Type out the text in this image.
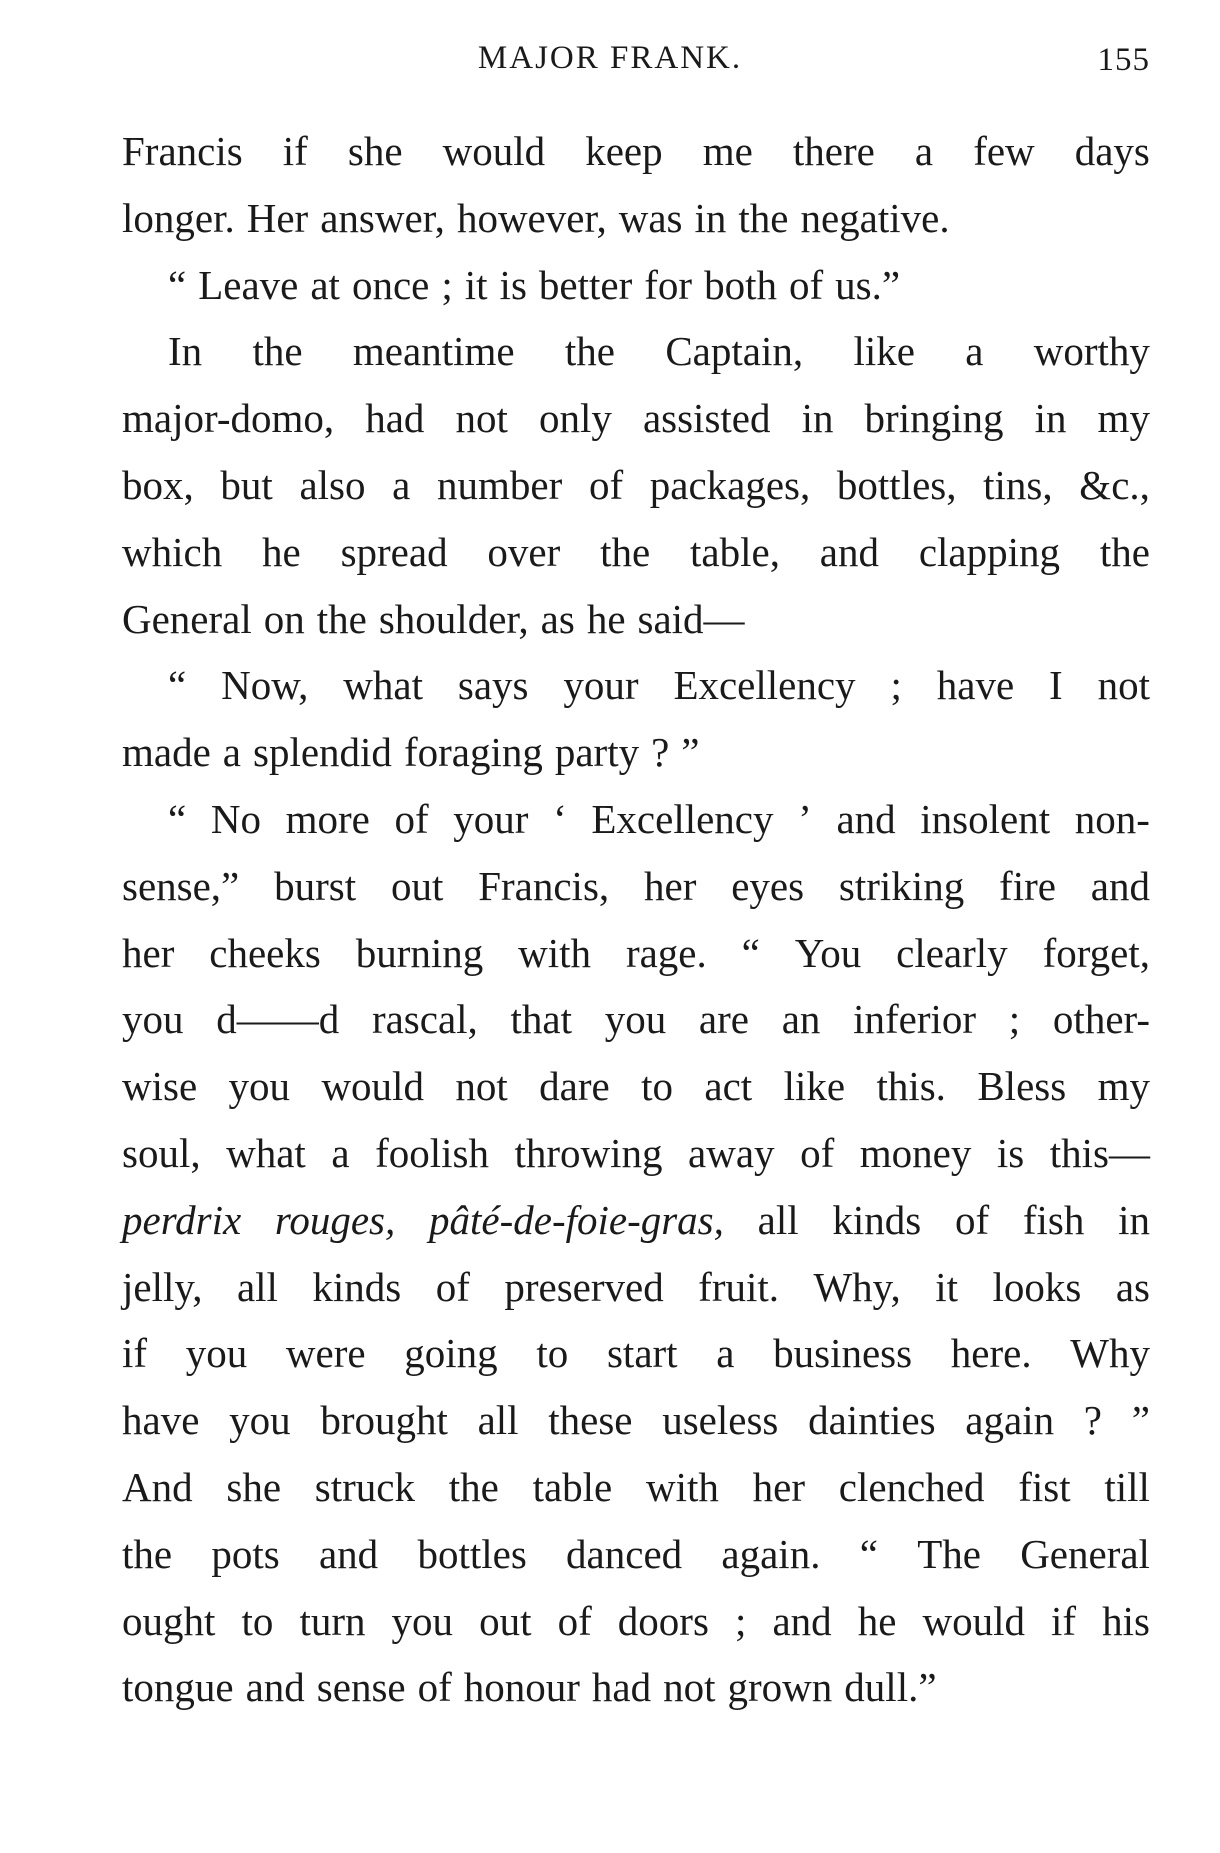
MAJOR FRANK.	155
Francis if she would keep me there a few days
longer. Her answer, however, was in the negative.
“ Leave at once ; it is better for both of us.”
In the meantime the Captain, like a worthy
major-domo, had not only assisted in bringing in my
box, but also a number of packages, bottles, tins, &c.,
which he spread over the table, and clapping the
General on the shoulder, as he said—
“ Now, what says your Excellency ; have I not
made a splendid foraging party ? ”
“ No more of your ‘ Excellency ’ and insolent non-
sense,” burst out Francis, her eyes striking fire and
her cheeks burning with rage. “ You clearly forget,
you d——d rascal, that you are an inferior ; other-
wise you would not dare to act like this. Bless my
soul, what a foolish throwing away of money is this—
perdrix rouges, pâté-de-foie-gras, all kinds of fish in
jelly, all kinds of preserved fruit. Why, it looks as
if you were going to start a business here. Why
have you brought all these useless dainties again ? ”
And she struck the table with her clenched fist till
the pots and bottles danced again. “ The General
ought to turn you out of doors ; and he would if his
tongue and sense of honour had not grown dull.”
